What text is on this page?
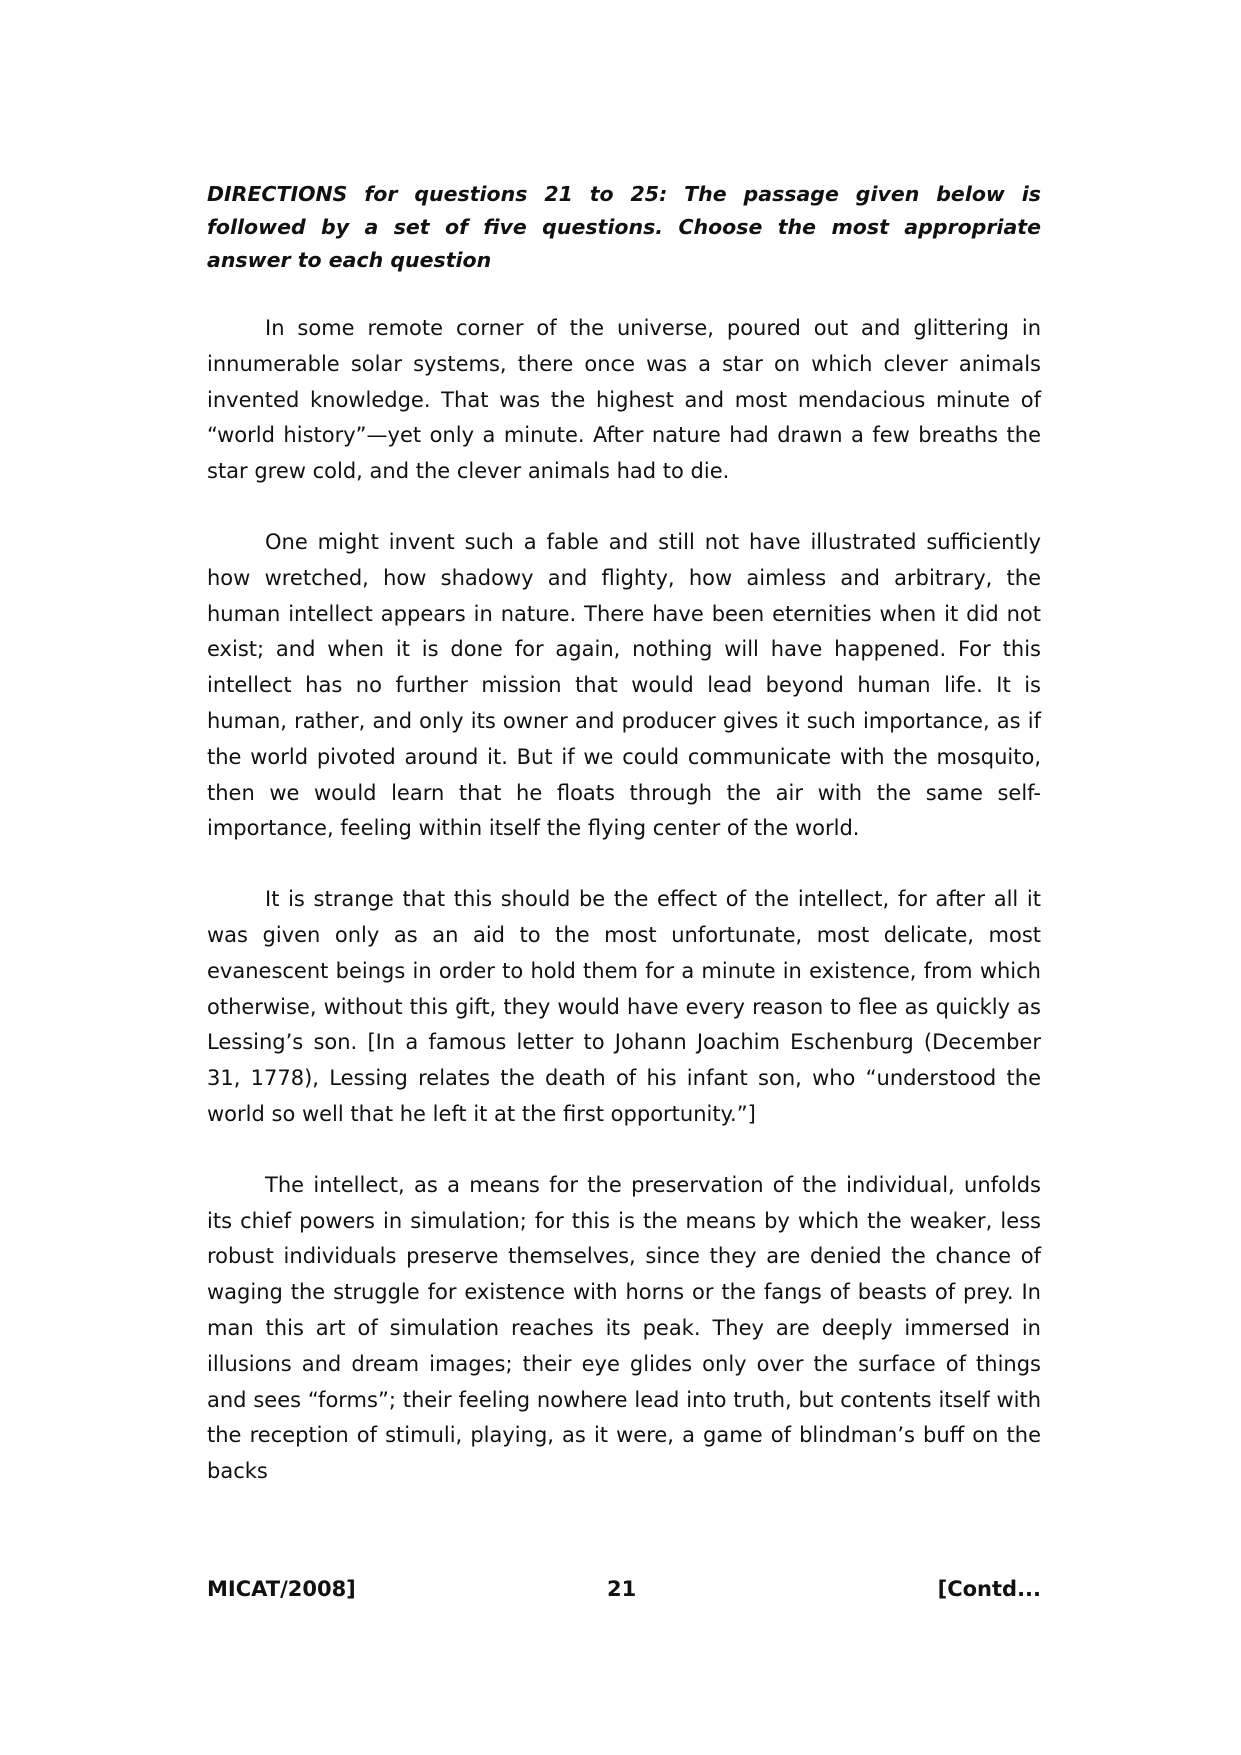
DIRECTIONS for questions 21 to 25: The passage given below is followed by a set of five questions. Choose the most appropriate answer to each question

In some remote corner of the universe, poured out and glittering in innumerable solar systems, there once was a star on which clever animals invented knowledge. That was the highest and most mendacious minute of “world history”—yet only a minute. After nature had drawn a few breaths the star grew cold, and the clever animals had to die.

One might invent such a fable and still not have illustrated sufficiently how wretched, how shadowy and flighty, how aimless and arbitrary, the human intellect appears in nature. There have been eternities when it did not exist; and when it is done for again, nothing will have happened. For this intellect has no further mission that would lead beyond human life. It is human, rather, and only its owner and producer gives it such importance, as if the world pivoted around it. But if we could communicate with the mosquito, then we would learn that he floats through the air with the same self-importance, feeling within itself the flying center of the world.

It is strange that this should be the effect of the intellect, for after all it was given only as an aid to the most unfortunate, most delicate, most evanescent beings in order to hold them for a minute in existence, from which otherwise, without this gift, they would have every reason to flee as quickly as Lessing’s son. [In a famous letter to Johann Joachim Eschenburg (December 31, 1778), Lessing relates the death of his infant son, who “understood the world so well that he left it at the first opportunity.”]

The intellect, as a means for the preservation of the individual, unfolds its chief powers in simulation; for this is the means by which the weaker, less robust individuals preserve themselves, since they are denied the chance of waging the struggle for existence with horns or the fangs of beasts of prey. In man this art of simulation reaches its peak. They are deeply immersed in illusions and dream images; their eye glides only over the surface of things and sees “forms”; their feeling nowhere lead into truth, but contents itself with the reception of stimuli, playing, as it were, a game of blindman’s buff on the backs

MICAT/2008]	21	[Contd...
